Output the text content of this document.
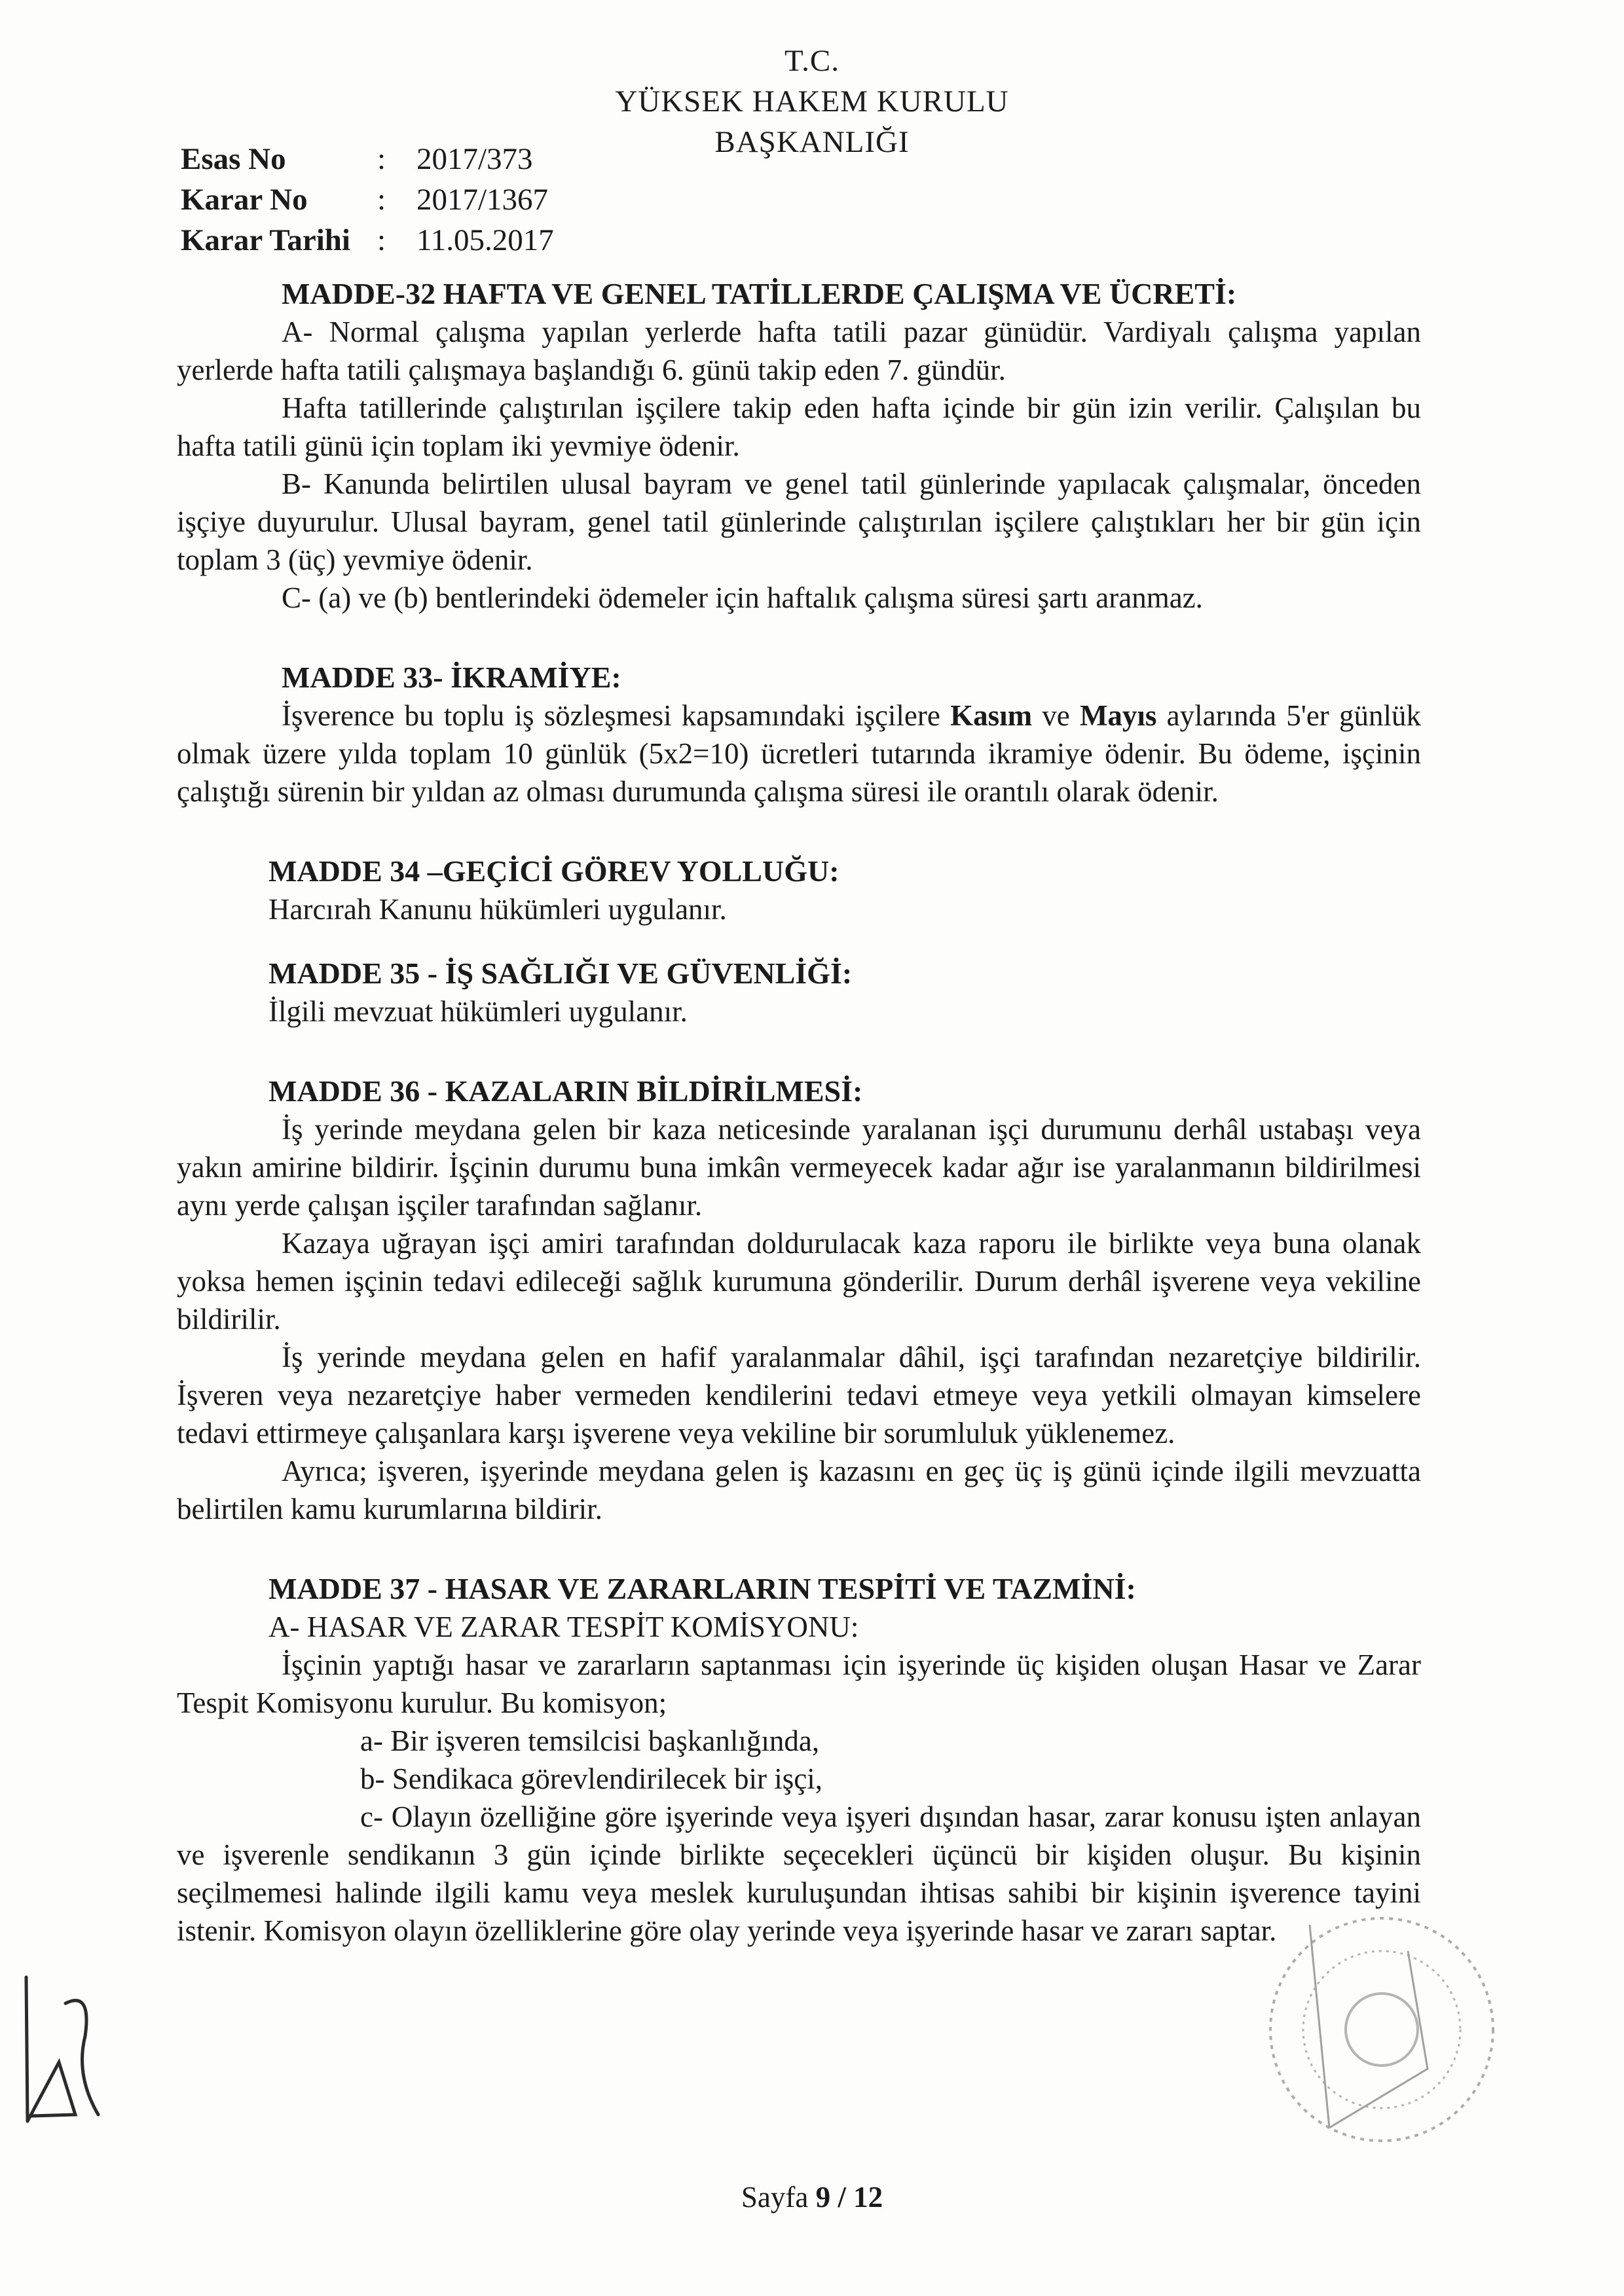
T.C.
YÜKSEK HAKEM KURULU
BAŞKANLIĞI
Esas No	: 2017/373
Karar No	: 2017/1367
Karar Tarihi : 11.05.2017

MADDE-32 HAFTA VE GENEL TATİLLERDE ÇALIŞMA VE ÜCRETİ:

A- Normal çalışma yapılan yerlerde hafta tatili pazar günüdür. Vardiyalı çalışma yapılan yerlerde hafta tatili çalışmaya başlandığı 6. günü takip eden 7. gündür.

Hafta tatillerinde çalıştırılan işçilere takip eden hafta içinde bir gün izin verilir. Çalışılan bu hafta tatili günü için toplam iki yevmiye ödenir.

B- Kanunda belirtilen ulusal bayram ve genel tatil günlerinde yapılacak çalışmalar, önceden işçiye duyurulur. Ulusal bayram, genel tatil günlerinde çalıştırılan işçilere çalıştıkları her bir gün için toplam 3 (üç) yevmiye ödenir.

C- (a) ve (b) bentlerindeki ödemeler için haftalık çalışma süresi şartı aranmaz.

MADDE 33- İKRAMİYE:

İşverence bu toplu iş sözleşmesi kapsamındaki işçilere Kasım ve Mayıs aylarında 5'er günlük olmak üzere yılda toplam 10 günlük (5x2=10) ücretleri tutarında ikramiye ödenir. Bu ödeme, işçinin çalıştığı sürenin bir yıldan az olması durumunda çalışma süresi ile orantılı olarak ödenir.

MADDE 34 –GEÇİCİ GÖREV YOLLUĞU:

Harcırah Kanunu hükümleri uygulanır.

MADDE 35 - İŞ SAĞLIĞI VE GÜVENLİĞİ:

İlgili mevzuat hükümleri uygulanır.

MADDE 36 - KAZALARIN BİLDİRİLMESİ:

İş yerinde meydana gelen bir kaza neticesinde yaralanan işçi durumunu derhâl ustabaşı veya yakın amirine bildirir. İşçinin durumu buna imkân vermeyecek kadar ağır ise yaralanmanın bildirilmesi aynı yerde çalışan işçiler tarafından sağlanır.

Kazaya uğrayan işçi amiri tarafından doldurulacak kaza raporu ile birlikte veya buna olanak yoksa hemen işçinin tedavi edileceği sağlık kurumuna gönderilir. Durum derhâl işverene veya vekiline bildirilir.

İş yerinde meydana gelen en hafif yaralanmalar dâhil, işçi tarafından nezaretçiye bildirilir. İşveren veya nezaretçiye haber vermeden kendilerini tedavi etmeye veya yetkili olmayan kimselere tedavi ettirmeye çalışanlara karşı işverene veya vekiline bir sorumluluk yüklenemez.

Ayrıca; işveren, işyerinde meydana gelen iş kazasını en geç üç iş günü içinde ilgili mevzuatta belirtilen kamu kurumlarına bildirir.

MADDE 37 - HASAR VE ZARARLARIN TESPİTİ VE TAZMİNİ:

A- HASAR VE ZARAR TESPİT KOMİSYONU:

İşçinin yaptığı hasar ve zararların saptanması için işyerinde üç kişiden oluşan Hasar ve Zarar Tespit Komisyonu kurulur. Bu komisyon;

a- Bir işveren temsilcisi başkanlığında,

b- Sendikaca görevlendirilecek bir işçi,

c- Olayın özelliğine göre işyerinde veya işyeri dışından hasar, zarar konusu işten anlayan ve işverenle sendikanın 3 gün içinde birlikte seçecekleri üçüncü bir kişiden oluşur. Bu kişinin seçilmemesi halinde ilgili kamu veya meslek kuruluşundan ihtisas sahibi bir kişinin işverence tayini istenir. Komisyon olayın özelliklerine göre olay yerinde veya işyerinde hasar ve zararı saptar.

Sayfa 9 / 12
